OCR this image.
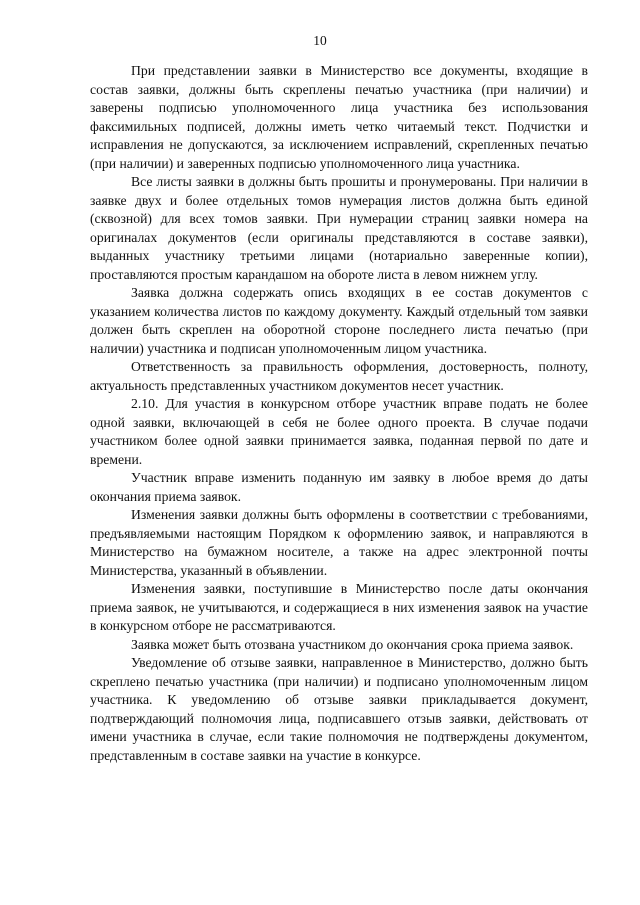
10

При представлении заявки в Министерство все документы, входящие в состав заявки, должны быть скреплены печатью участника (при наличии) и заверены подписью уполномоченного лица участника без использования факсимильных подписей, должны иметь четко читаемый текст. Подчистки и исправления не допускаются, за исключением исправлений, скрепленных печатью (при наличии) и заверенных подписью уполномоченного лица участника.

Все листы заявки в должны быть прошиты и пронумерованы. При наличии в заявке двух и более отдельных томов нумерация листов должна быть единой (сквозной) для всех томов заявки. При нумерации страниц заявки номера на оригиналах документов (если оригиналы представляются в составе заявки), выданных участнику третьими лицами (нотариально заверенные копии), проставляются простым карандашом на обороте листа в левом нижнем углу.

Заявка должна содержать опись входящих в ее состав документов с указанием количества листов по каждому документу. Каждый отдельный том заявки должен быть скреплен на оборотной стороне последнего листа печатью (при наличии) участника и подписан уполномоченным лицом участника.

Ответственность за правильность оформления, достоверность, полноту, актуальность представленных участником документов несет участник.

2.10. Для участия в конкурсном отборе участник вправе подать не более одной заявки, включающей в себя не более одного проекта. В случае подачи участником более одной заявки принимается заявка, поданная первой по дате и времени.

Участник вправе изменить поданную им заявку в любое время до даты окончания приема заявок.

Изменения заявки должны быть оформлены в соответствии с требованиями, предъявляемыми настоящим Порядком к оформлению заявок, и направляются в Министерство на бумажном носителе, а также на адрес электронной почты Министерства, указанный в объявлении.

Изменения заявки, поступившие в Министерство после даты окончания приема заявок, не учитываются, и содержащиеся в них изменения заявок на участие в конкурсном отборе не рассматриваются.

Заявка может быть отозвана участником до окончания срока приема заявок.

Уведомление об отзыве заявки, направленное в Министерство, должно быть скреплено печатью участника (при наличии) и подписано уполномоченным лицом участника. К уведомлению об отзыве заявки прикладывается документ, подтверждающий полномочия лица, подписавшего отзыв заявки, действовать от имени участника в случае, если такие полномочия не подтверждены документом, представленным в составе заявки на участие в конкурсе.
